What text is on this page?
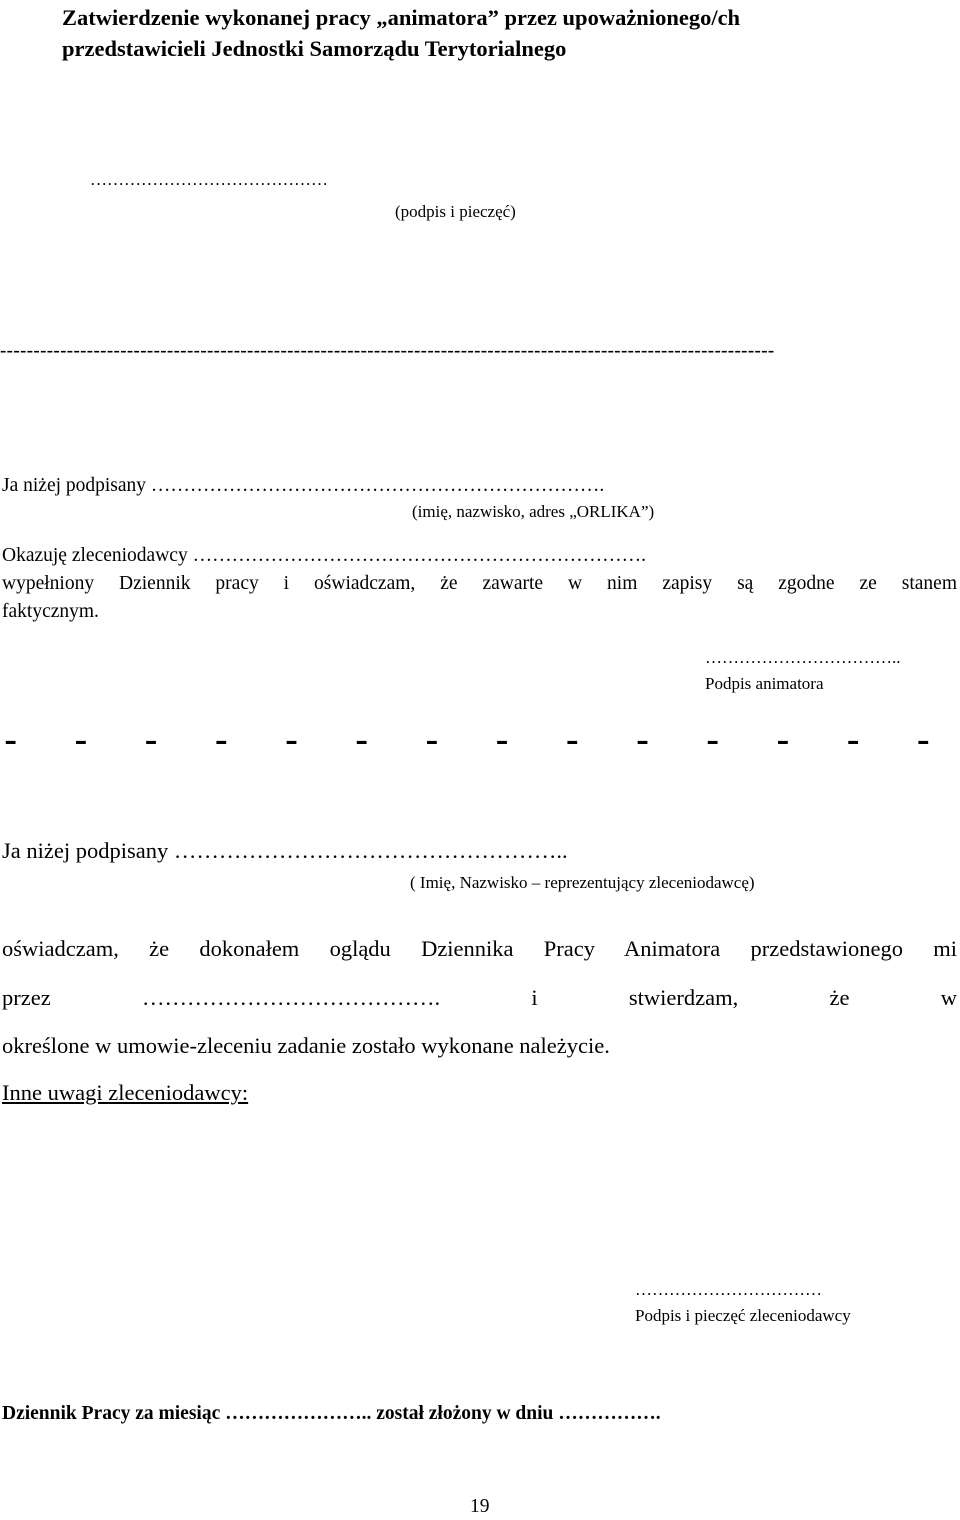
Zatwierdzenie wykonanej pracy „animatora” przez upoważnionego/ch
przedstawicieli Jednostki Samorządu Terytorialnego
……………………………………
(podpis i pieczęć)
--------------------------------------------------------------------------------------------------------------------
Ja niżej podpisany …………………………………………………………….
(imię, nazwisko, adres „ORLIKA”)
Okazuję zleceniodawcy …………………………………………………………….
wypełniony Dziennik pracy i oświadczam, że zawarte w nim zapisy są zgodne ze stanem
faktycznym.
……………………………..
Podpis animatora
- - - - - - - - - - - - - -
Ja niżej podpisany ……………………………………………..
( Imię, Nazwisko – reprezentujący zleceniodawcę)
oświadczam, że dokonałem oglądu Dziennika Pracy Animatora przedstawionego mi
przez …………………………………. i stwierdzam, że w
określone w umowie-zleceniu zadanie zostało wykonane należycie.
Inne uwagi zleceniodawcy:
……………………………
Podpis i pieczęć zleceniodawcy
Dziennik Pracy za miesiąc ………………….. został złożony w dniu …………….
19
